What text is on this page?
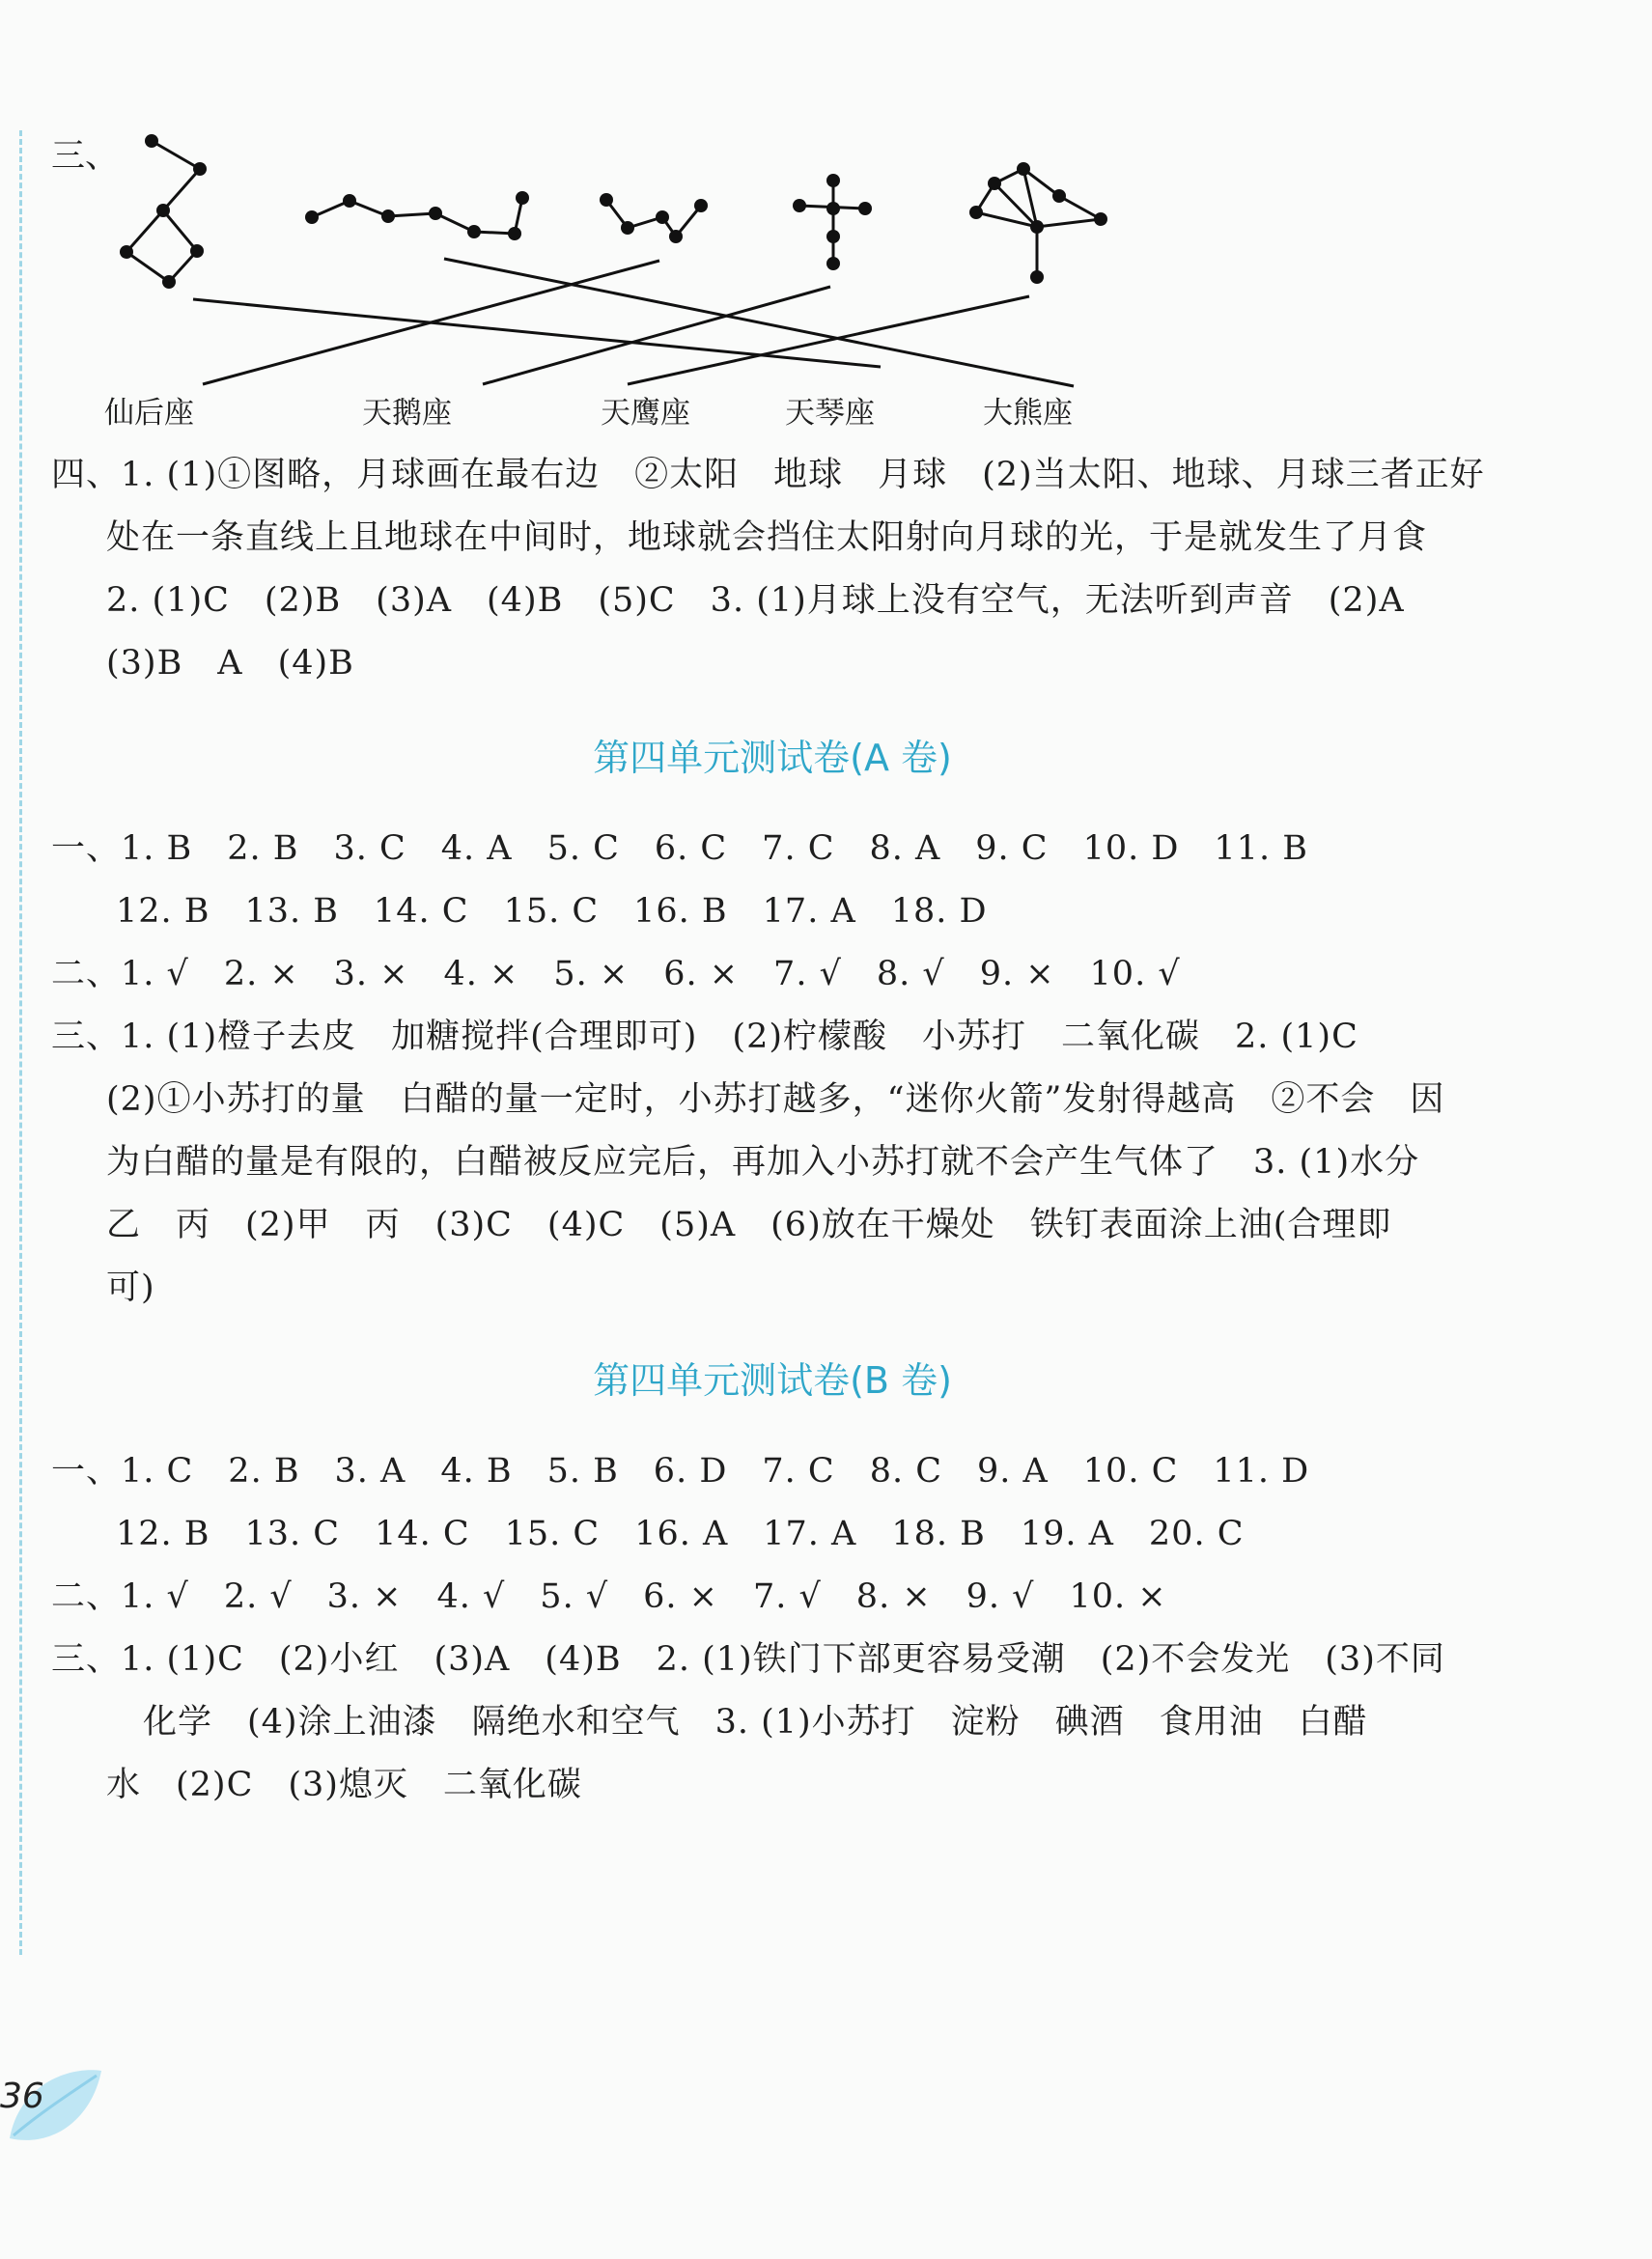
三、
仙后座	天鹅座	天鹰座	天琴座	大熊座
四、1. (1)①图略，月球画在最右边　②太阳　地球　月球　(2)当太阳、地球、月球三者正好
处在一条直线上且地球在中间时，地球就会挡住太阳射向月球的光，于是就发生了月食
2. (1)C　(2)B　(3)A　(4)B　(5)C　3. (1)月球上没有空气，无法听到声音　(2)A
(3)B　A　(4)B
第四单元测试卷(A 卷)
一、1. B　2. B　3. C　4. A　5. C　6. C　7. C　8. A　9. C　10. D　11. B
12. B　13. B　14. C　15. C　16. B　17. A　18. D
二、1. √　2. ×　3. ×　4. ×　5. ×　6. ×　7. √　8. √　9. ×　10. √
三、1. (1)橙子去皮　加糖搅拌(合理即可)　(2)柠檬酸　小苏打　二氧化碳　2. (1)C
(2)①小苏打的量　白醋的量一定时，小苏打越多，“迷你火箭”发射得越高　②不会　因
为白醋的量是有限的，白醋被反应完后，再加入小苏打就不会产生气体了　3. (1)水分
乙　丙　(2)甲　丙　(3)C　(4)C　(5)A　(6)放在干燥处　铁钉表面涂上油(合理即
可)
第四单元测试卷(B 卷)
一、1. C　2. B　3. A　4. B　5. B　6. D　7. C　8. C　9. A　10. C　11. D
12. B　13. C　14. C　15. C　16. A　17. A　18. B　19. A　20. C
二、1. √　2. √　3. ×　4. √　5. √　6. ×　7. √　8. ×　9. √　10. ×
三、1. (1)C　(2)小红　(3)A　(4)B　2. (1)铁门下部更容易受潮　(2)不会发光　(3)不同
化学　(4)涂上油漆　隔绝水和空气　3. (1)小苏打　淀粉　碘酒　食用油　白醋
水　(2)C　(3)熄灭　二氧化碳
36
